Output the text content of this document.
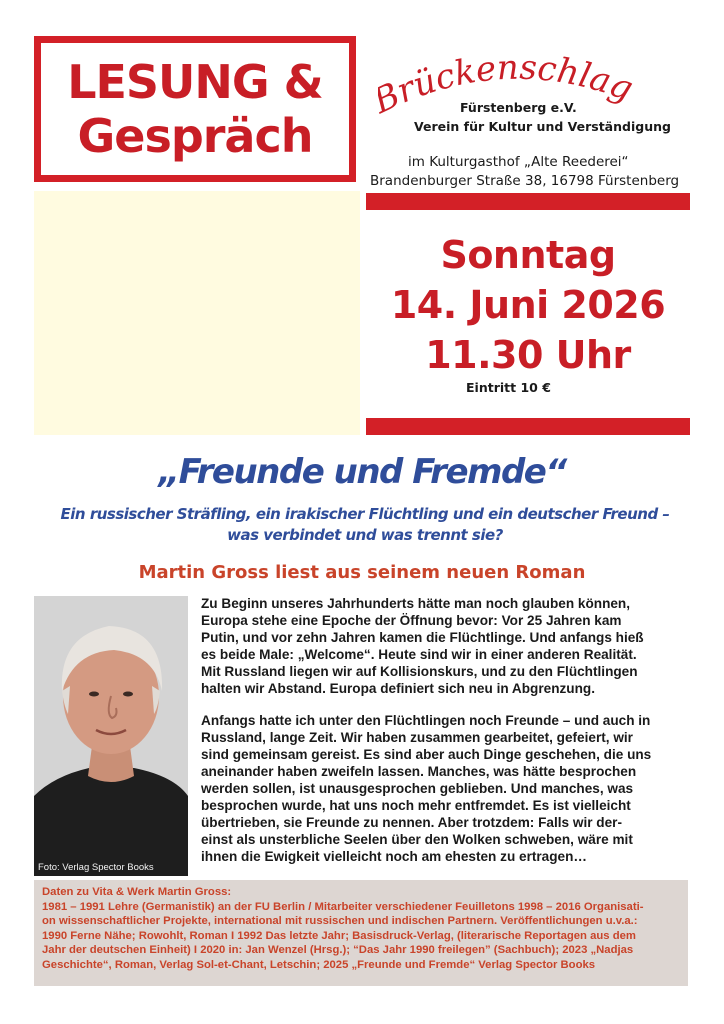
LESUNG &
Gespräch
rückenschlag
Fürstenberg e.V.
Verein für Kultur und Verständigung
im Kulturgasthof „Alte Reederei“
Brandenburger Straße 38, 16798 Fürstenberg
Sonntag
14. Juni 2026
11.30 Uhr
Eintritt 10 €
„Freunde und Fremde“
Ein russischer Sträfling, ein irakischer Flüchtling und ein deutscher Freund –
was verbindet und was trennt sie?
Martin Gross liest aus seinem neuen Roman
Foto: Verlag Spector Books

Zu Beginn unseres Jahrhunderts hätte man noch glauben können,

Europa stehe eine Epoche der Öffnung bevor: Vor 25 Jahren kam

Putin, und vor zehn Jahren kamen die Flüchtlinge. Und anfangs hieß

es beide Male: „Welcome“. Heute sind wir in einer anderen Realität.

Mit Russland liegen wir auf Kollisionskurs, und zu den Flüchtlingen

halten wir Abstand. Europa definiert sich neu in Abgrenzung.

Anfangs hatte ich unter den Flüchtlingen noch Freunde – und auch in

Russland, lange Zeit. Wir haben zusammen gearbeitet, gefeiert, wir

sind gemeinsam gereist. Es sind aber auch Dinge geschehen, die uns

aneinander haben zweifeln lassen. Manches, was hätte besprochen

werden sollen, ist unausgesprochen geblieben. Und manches, was

besprochen wurde, hat uns noch mehr entfremdet. Es ist vielleicht

übertrieben, sie Freunde zu nennen. Aber trotzdem: Falls wir der-

einst als unsterbliche Seelen über den Wolken schweben, wäre mit

ihnen die Ewigkeit vielleicht noch am ehesten zu ertragen…

Daten zu Vita & Werk Martin Gross:

1981 – 1991 Lehre (Germanistik) an der FU Berlin / Mitarbeiter verschiedener Feuilletons 1998 – 2016 Organisati-

on wissenschaftlicher Projekte, international mit russischen und indischen Partnern. Veröffentlichungen u.v.a.:

1990 Ferne Nähe; Rowohlt, Roman I 1992 Das letzte Jahr; Basisdruck-Verlag, (literarische Reportagen aus dem

Jahr der deutschen Einheit) I 2020 in: Jan Wenzel (Hrsg.); “Das Jahr 1990 freilegen” (Sachbuch); 2023 „Nadjas

Geschichte“, Roman, Verlag Sol-et-Chant, Letschin; 2025 „Freunde und Fremde“ Verlag Spector Books
